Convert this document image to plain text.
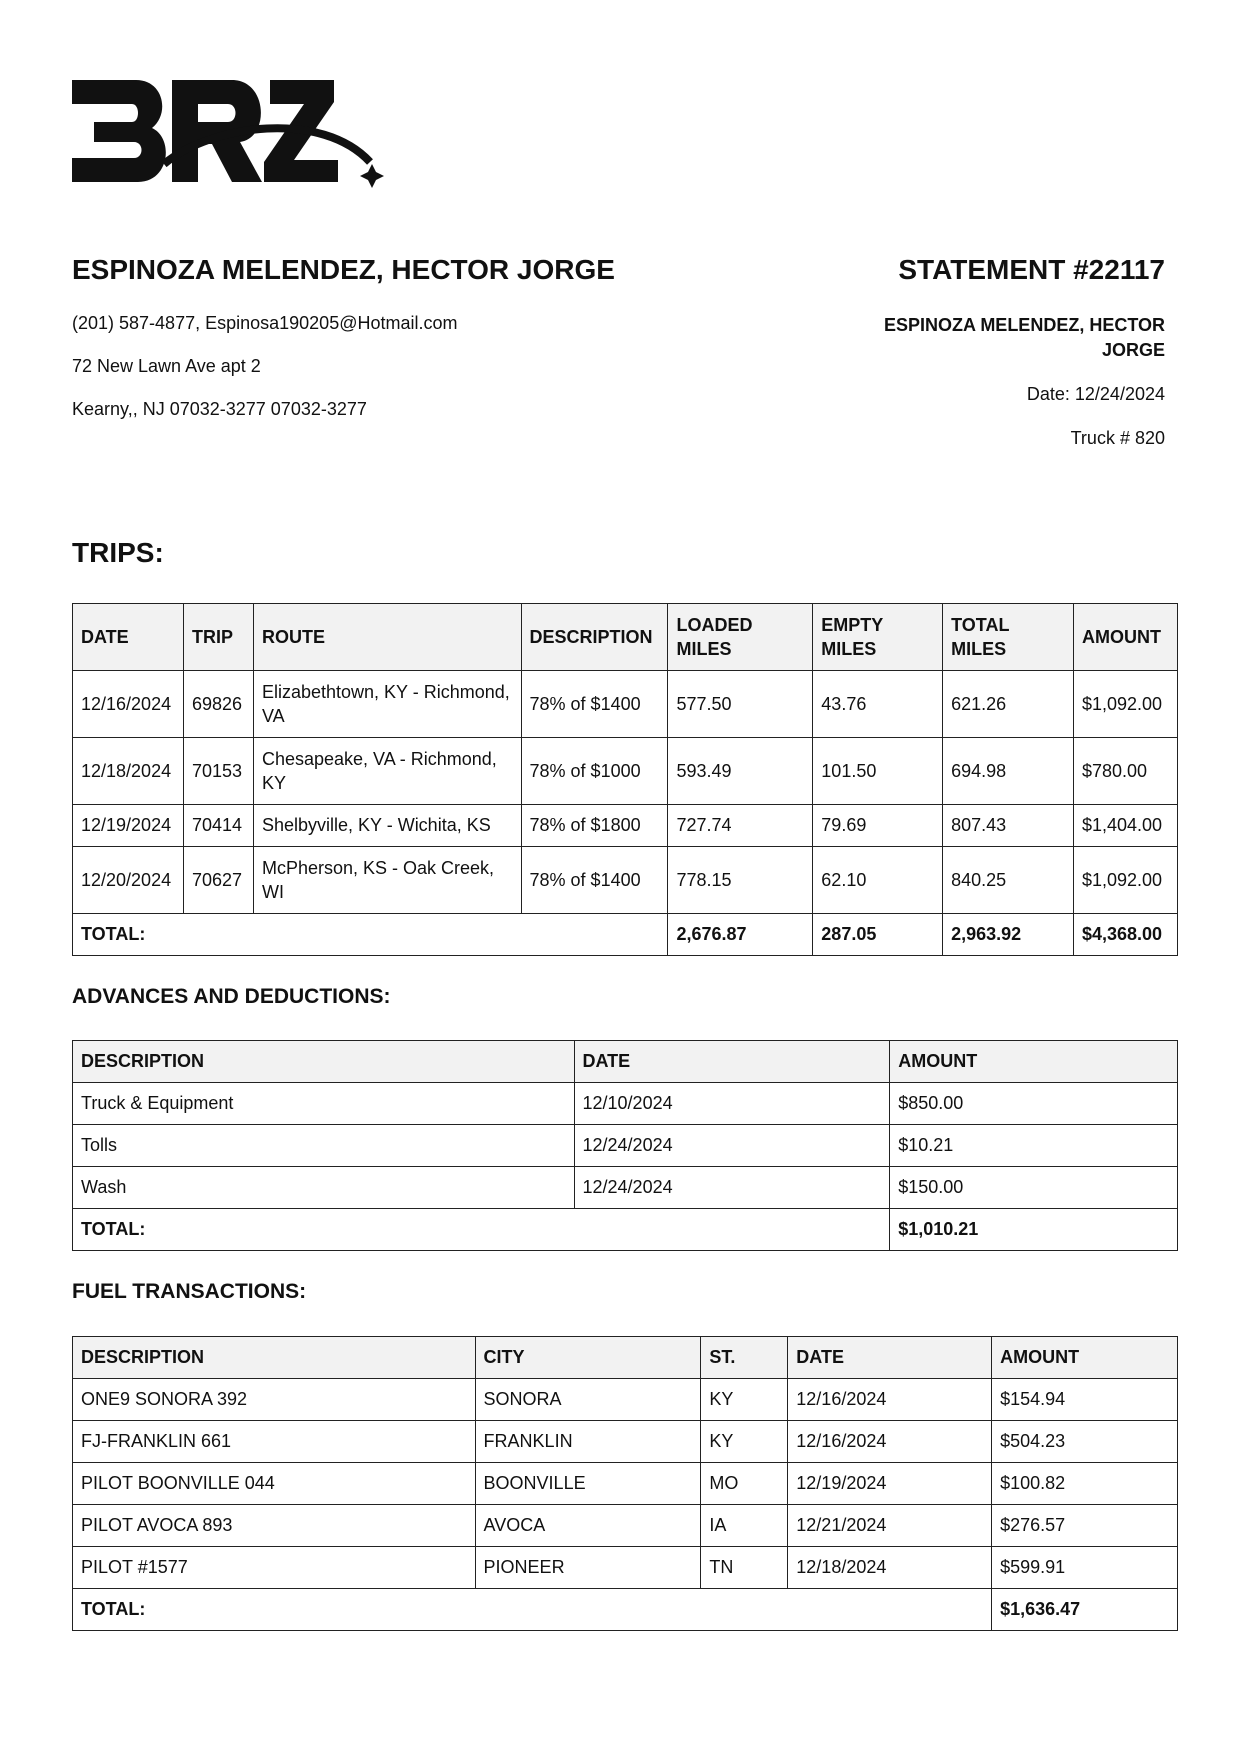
ESPINOZA MELENDEZ, HECTOR JORGE
(201) 587-4877, Espinosa190205@Hotmail.com
72 New Lawn Ave apt 2
Kearny,, NJ 07032-3277 07032-3277
STATEMENT #22117
ESPINOZA MELENDEZ, HECTOR JORGE
Date: 12/24/2024
Truck # 820
TRIPS:
DATE	TRIP	ROUTE	DESCRIPTION	LOADED MILES	EMPTY MILES	TOTAL MILES	AMOUNT
12/16/2024	69826	Elizabethtown, KY - Richmond, VA	78% of $1400	577.50	43.76	621.26	$1,092.00
12/18/2024	70153	Chesapeake, VA - Richmond, KY	78% of $1000	593.49	101.50	694.98	$780.00
12/19/2024	70414	Shelbyville, KY - Wichita, KS	78% of $1800	727.74	79.69	807.43	$1,404.00
12/20/2024	70627	McPherson, KS - Oak Creek, WI	78% of $1400	778.15	62.10	840.25	$1,092.00
TOTAL:				2,676.87	287.05	2,963.92	$4,368.00
ADVANCES AND DEDUCTIONS:
DESCRIPTION	DATE	AMOUNT
Truck & Equipment	12/10/2024	$850.00
Tolls	12/24/2024	$10.21
Wash	12/24/2024	$150.00
TOTAL:		$1,010.21
FUEL TRANSACTIONS:
DESCRIPTION	CITY	ST.	DATE	AMOUNT
ONE9 SONORA 392	SONORA	KY	12/16/2024	$154.94
FJ-FRANKLIN 661	FRANKLIN	KY	12/16/2024	$504.23
PILOT BOONVILLE 044	BOONVILLE	MO	12/19/2024	$100.82
PILOT AVOCA 893	AVOCA	IA	12/21/2024	$276.57
PILOT #1577	PIONEER	TN	12/18/2024	$599.91
TOTAL:				$1,636.47
